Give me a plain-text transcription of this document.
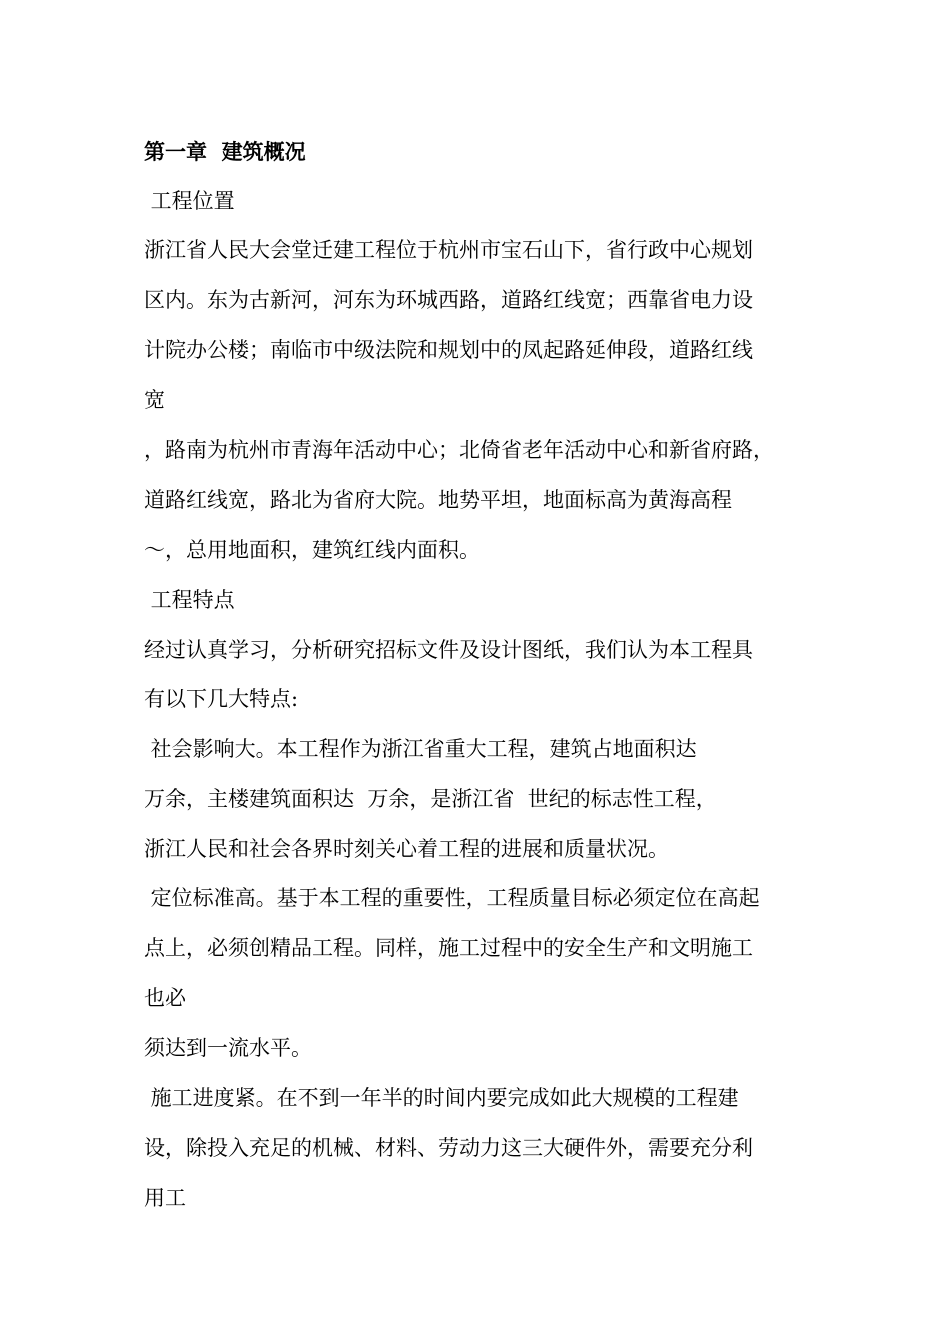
第一章  建筑概况
工程位置
浙江省人民大会堂迁建工程位于杭州市宝石山下，省行政中心规划
区内。东为古新河，河东为环城西路，道路红线宽；西靠省电力设
计院办公楼；南临市中级法院和规划中的凤起路延伸段，道路红线
宽
，路南为杭州市青海年活动中心；北倚省老年活动中心和新省府路，
道路红线宽，路北为省府大院。地势平坦，地面标高为黄海高程
～，总用地面积，建筑红线内面积。
工程特点
经过认真学习，分析研究招标文件及设计图纸，我们认为本工程具
有以下几大特点:
社会影响大。本工程作为浙江省重大工程，建筑占地面积达
万余，主楼建筑面积达  万余，是浙江省  世纪的标志性工程，
浙江人民和社会各界时刻关心着工程的进展和质量状况。
定位标准高。基于本工程的重要性，工程质量目标必须定位在高起
点上，必须创精品工程。同样，施工过程中的安全生产和文明施工
也必
须达到一流水平。
施工进度紧。在不到一年半的时间内要完成如此大规模的工程建
设，除投入充足的机械、材料、劳动力这三大硬件外，需要充分利
用工
